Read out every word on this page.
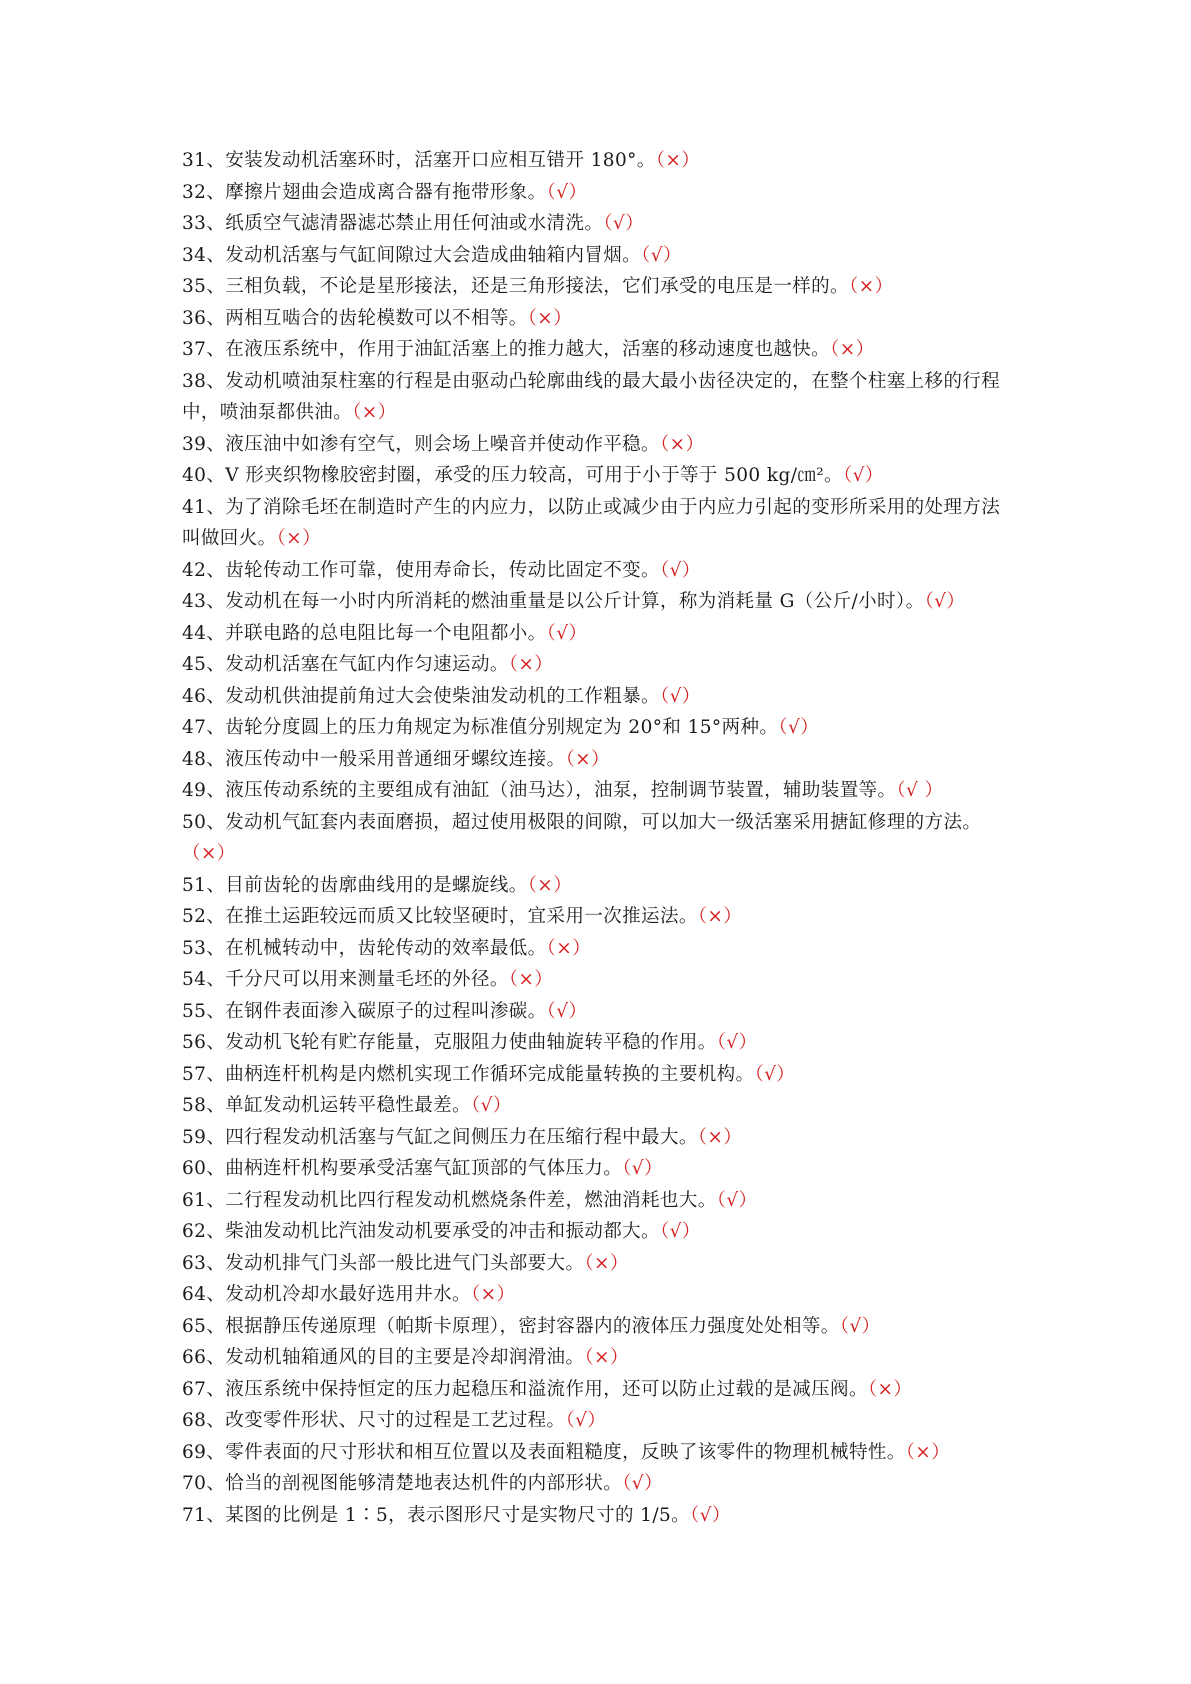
31、安装发动机活塞环时，活塞开口应相互错开 180°。（×）

32、摩擦片翅曲会造成离合器有拖带形象。（√）

33、纸质空气滤清器滤芯禁止用任何油或水清洗。（√）

34、发动机活塞与气缸间隙过大会造成曲轴箱内冒烟。（√）

35、三相负载，不论是星形接法，还是三角形接法，它们承受的电压是一样的。（×）

36、两相互啮合的齿轮模数可以不相等。（×）

37、在液压系统中，作用于油缸活塞上的推力越大，活塞的移动速度也越快。（×）

38、发动机喷油泵柱塞的行程是由驱动凸轮廓曲线的最大最小齿径决定的，在整个柱塞上移的行程中，喷油泵都供油。（×）

39、液压油中如渗有空气，则会场上噪音并使动作平稳。（×）

40、V 形夹织物橡胶密封圈，承受的压力较高，可用于小于等于 500 kg/㎝²。（√）

41、为了消除毛坯在制造时产生的内应力，以防止或减少由于内应力引起的变形所采用的处理方法叫做回火。（×）

42、齿轮传动工作可靠，使用寿命长，传动比固定不变。（√）

43、发动机在每一小时内所消耗的燃油重量是以公斤计算，称为消耗量 G（公斤/小时）。（√）

44、并联电路的总电阻比每一个电阻都小。（√）

45、发动机活塞在气缸内作匀速运动。（×）

46、发动机供油提前角过大会使柴油发动机的工作粗暴。（√）

47、齿轮分度圆上的压力角规定为标准值分别规定为 20°和 15°两种。（√）

48、液压传动中一般采用普通细牙螺纹连接。（×）

49、液压传动系统的主要组成有油缸（油马达），油泵，控制调节装置，辅助装置等。（√ ）

50、发动机气缸套内表面磨损，超过使用极限的间隙，可以加大一级活塞采用搪缸修理的方法。（×）

51、目前齿轮的齿廓曲线用的是螺旋线。（×）

52、在推土运距较远而质又比较坚硬时，宜采用一次推运法。（×）

53、在机械转动中，齿轮传动的效率最低。（×）

54、千分尺可以用来测量毛坯的外径。（×）

55、在钢件表面渗入碳原子的过程叫渗碳。（√）

56、发动机飞轮有贮存能量，克服阻力使曲轴旋转平稳的作用。（√）

57、曲柄连杆机构是内燃机实现工作循环完成能量转换的主要机构。（√）

58、单缸发动机运转平稳性最差。（√）

59、四行程发动机活塞与气缸之间侧压力在压缩行程中最大。（×）

60、曲柄连杆机构要承受活塞气缸顶部的气体压力。（√）

61、二行程发动机比四行程发动机燃烧条件差，燃油消耗也大。（√）

62、柴油发动机比汽油发动机要承受的冲击和振动都大。（√）

63、发动机排气门头部一般比进气门头部要大。（×）

64、发动机冷却水最好选用井水。（×）

65、根据静压传递原理（帕斯卡原理），密封容器内的液体压力强度处处相等。（√）

66、发动机轴箱通风的目的主要是冷却润滑油。（×）

67、液压系统中保持恒定的压力起稳压和溢流作用，还可以防止过载的是减压阀。（×）

68、改变零件形状、尺寸的过程是工艺过程。（√）

69、零件表面的尺寸形状和相互位置以及表面粗糙度，反映了该零件的物理机械特性。（×）

70、恰当的剖视图能够清楚地表达机件的内部形状。（√）

71、某图的比例是 1∶5，表示图形尺寸是实物尺寸的 1/5。（√）
